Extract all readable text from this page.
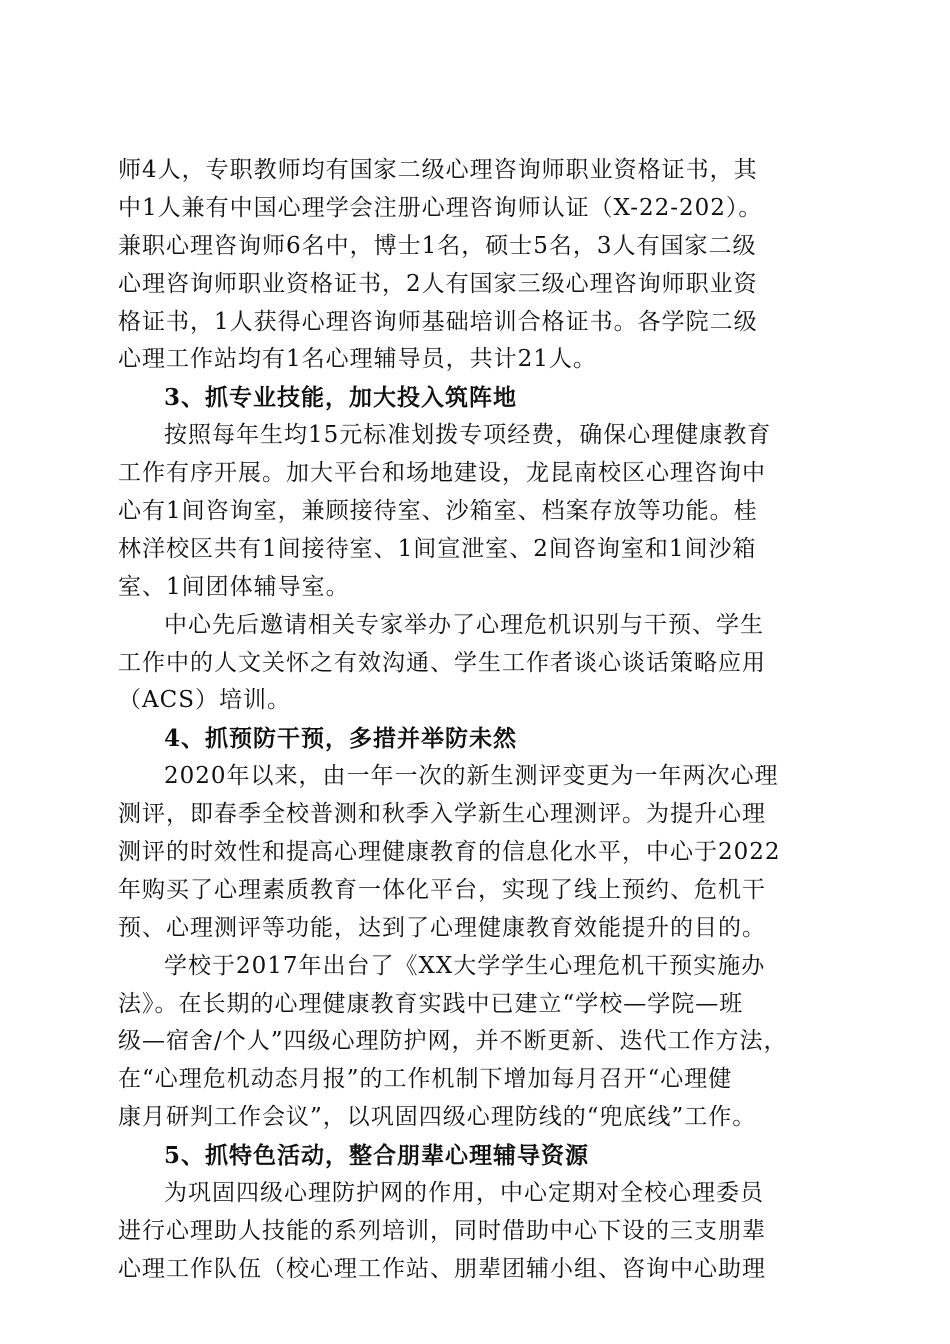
师4人，专职教师均有国家二级心理咨询师职业资格证书，其
中1人兼有中国心理学会注册心理咨询师认证（X-22-202）。
兼职心理咨询师6名中，博士1名，硕士5名，3人有国家二级
心理咨询师职业资格证书，2人有国家三级心理咨询师职业资
格证书，1人获得心理咨询师基础培训合格证书。各学院二级
心理工作站均有1名心理辅导员，共计21人。
3、抓专业技能，加大投入筑阵地
按照每年生均15元标准划拨专项经费，确保心理健康教育
工作有序开展。加大平台和场地建设，龙昆南校区心理咨询中
心有1间咨询室，兼顾接待室、沙箱室、档案存放等功能。桂
林洋校区共有1间接待室、1间宣泄室、2间咨询室和1间沙箱
室、1间团体辅导室。
中心先后邀请相关专家举办了心理危机识别与干预、学生
工作中的人文关怀之有效沟通、学生工作者谈心谈话策略应用
（ACS）培训。
4、抓预防干预，多措并举防未然
2020年以来，由一年一次的新生测评变更为一年两次心理
测评，即春季全校普测和秋季入学新生心理测评。为提升心理
测评的时效性和提高心理健康教育的信息化水平，中心于2022
年购买了心理素质教育一体化平台，实现了线上预约、危机干
预、心理测评等功能，达到了心理健康教育效能提升的目的。
学校于2017年出台了《XX大学学生心理危机干预实施办
法》。在长期的心理健康教育实践中已建立“学校—学院—班
级—宿舍/个人”四级心理防护网，并不断更新、迭代工作方法，
在“心理危机动态月报”的工作机制下增加每月召开“心理健
康月研判工作会议”，以巩固四级心理防线的“兜底线”工作。
5、抓特色活动，整合朋辈心理辅导资源
为巩固四级心理防护网的作用，中心定期对全校心理委员
进行心理助人技能的系列培训，同时借助中心下设的三支朋辈
心理工作队伍（校心理工作站、朋辈团辅小组、咨询中心助理
